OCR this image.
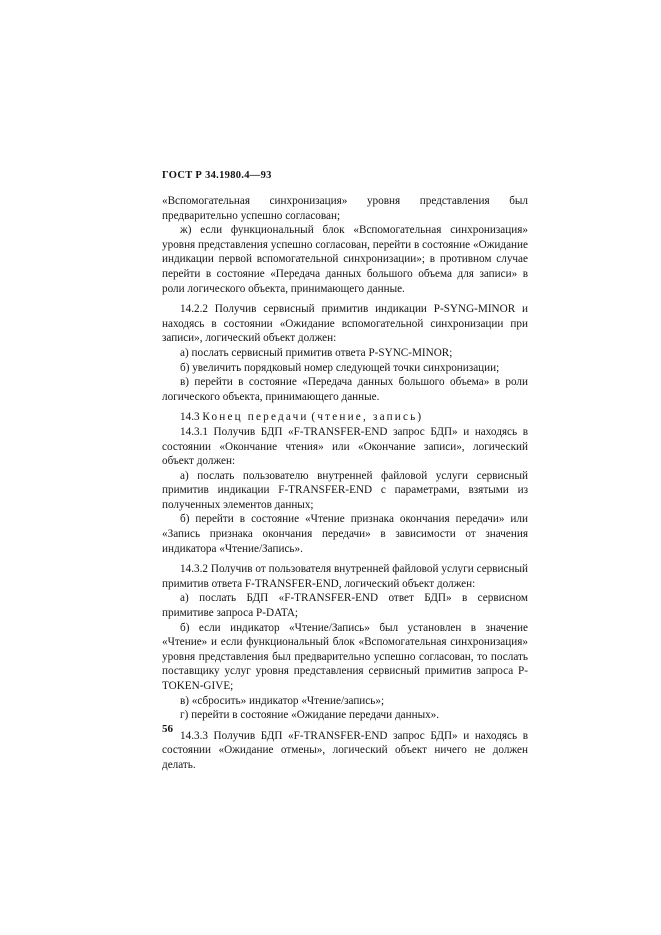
ГОСТ Р 34.1980.4—93

«Вспомогательная синхронизация» уровня представления был предварительно успешно согласован;

ж) если функциональный блок «Вспомогательная синхронизация» уровня представления успешно согласован, перейти в состояние «Ожидание индикации первой вспомогательной синхронизации»; в противном случае перейти в состояние «Передача данных большого объема для записи» в роли логического объекта, принимающего данные.

14.2.2 Получив сервисный примитив индикации P-SYNG-MINOR и находясь в состоянии «Ожидание вспомогательной синхронизации при записи», логический объект должен:

а) послать сервисный примитив ответа P-SYNC-MINOR;

б) увеличить порядковый номер следующей точки синхронизации;

в) перейти в состояние «Передача данных большого объема» в роли логического объекта, принимающего данные.

14.3 Конец передачи (чтение, запись)

14.3.1 Получив БДП «F-TRANSFER-END запрос БДП» и находясь в состоянии «Окончание чтения» или «Окончание записи», логический объект должен:

а) послать пользователю внутренней файловой услуги сервисный примитив индикации F-TRANSFER-END с параметрами, взятыми из полученных элементов данных;

б) перейти в состояние «Чтение признака окончания передачи» или «Запись признака окончания передачи» в зависимости от значения индикатора «Чтение/Запись».

14.3.2 Получив от пользователя внутренней файловой услуги сервисный примитив ответа F-TRANSFER-END, логический объект должен:

а) послать БДП «F-TRANSFER-END ответ БДП» в сервисном примитиве запроса P-DATA;

б) если индикатор «Чтение/Запись» был установлен в значение «Чтение» и если функциональный блок «Вспомогательная синхронизация» уровня представления был предварительно успешно согласован, то послать поставщику услуг уровня представления сервисный примитив запроса P-TOKEN-GIVE;

в) «сбросить» индикатор «Чтение/запись»;

г) перейти в состояние «Ожидание передачи данных».

14.3.3 Получив БДП «F-TRANSFER-END запрос БДП» и находясь в состоянии «Ожидание отмены», логический объект ничего не должен делать.

56
